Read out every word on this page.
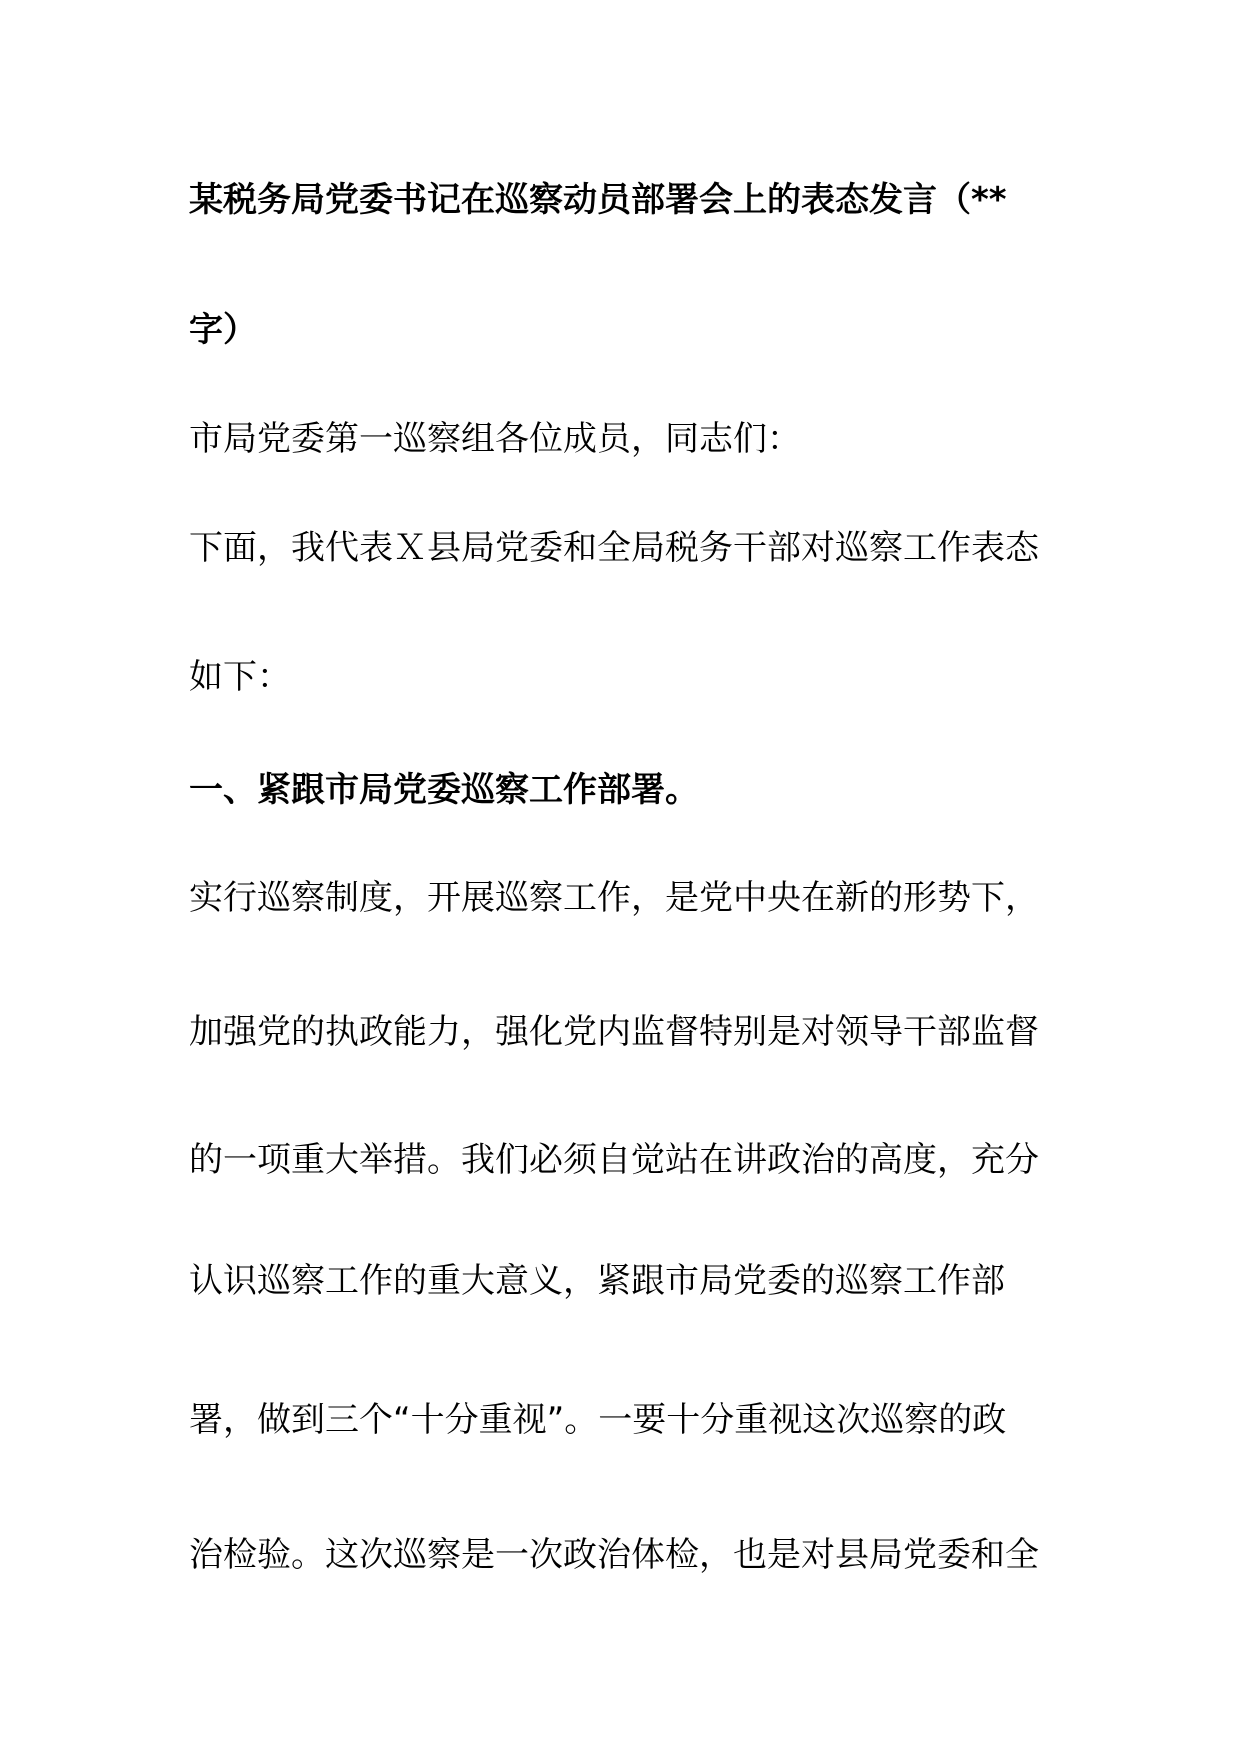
某税务局党委书记在巡察动员部署会上的表态发言（**
字）
市局党委第一巡察组各位成员，同志们：
下面，我代表Ｘ县局党委和全局税务干部对巡察工作表态
如下：
一、紧跟市局党委巡察工作部署。
实行巡察制度，开展巡察工作，是党中央在新的形势下，
加强党的执政能力，强化党内监督特别是对领导干部监督
的一项重大举措。我们必须自觉站在讲政治的高度，充分
认识巡察工作的重大意义，紧跟市局党委的巡察工作部
署，做到三个“十分重视”。一要十分重视这次巡察的政
治检验。这次巡察是一次政治体检，也是对县局党委和全
